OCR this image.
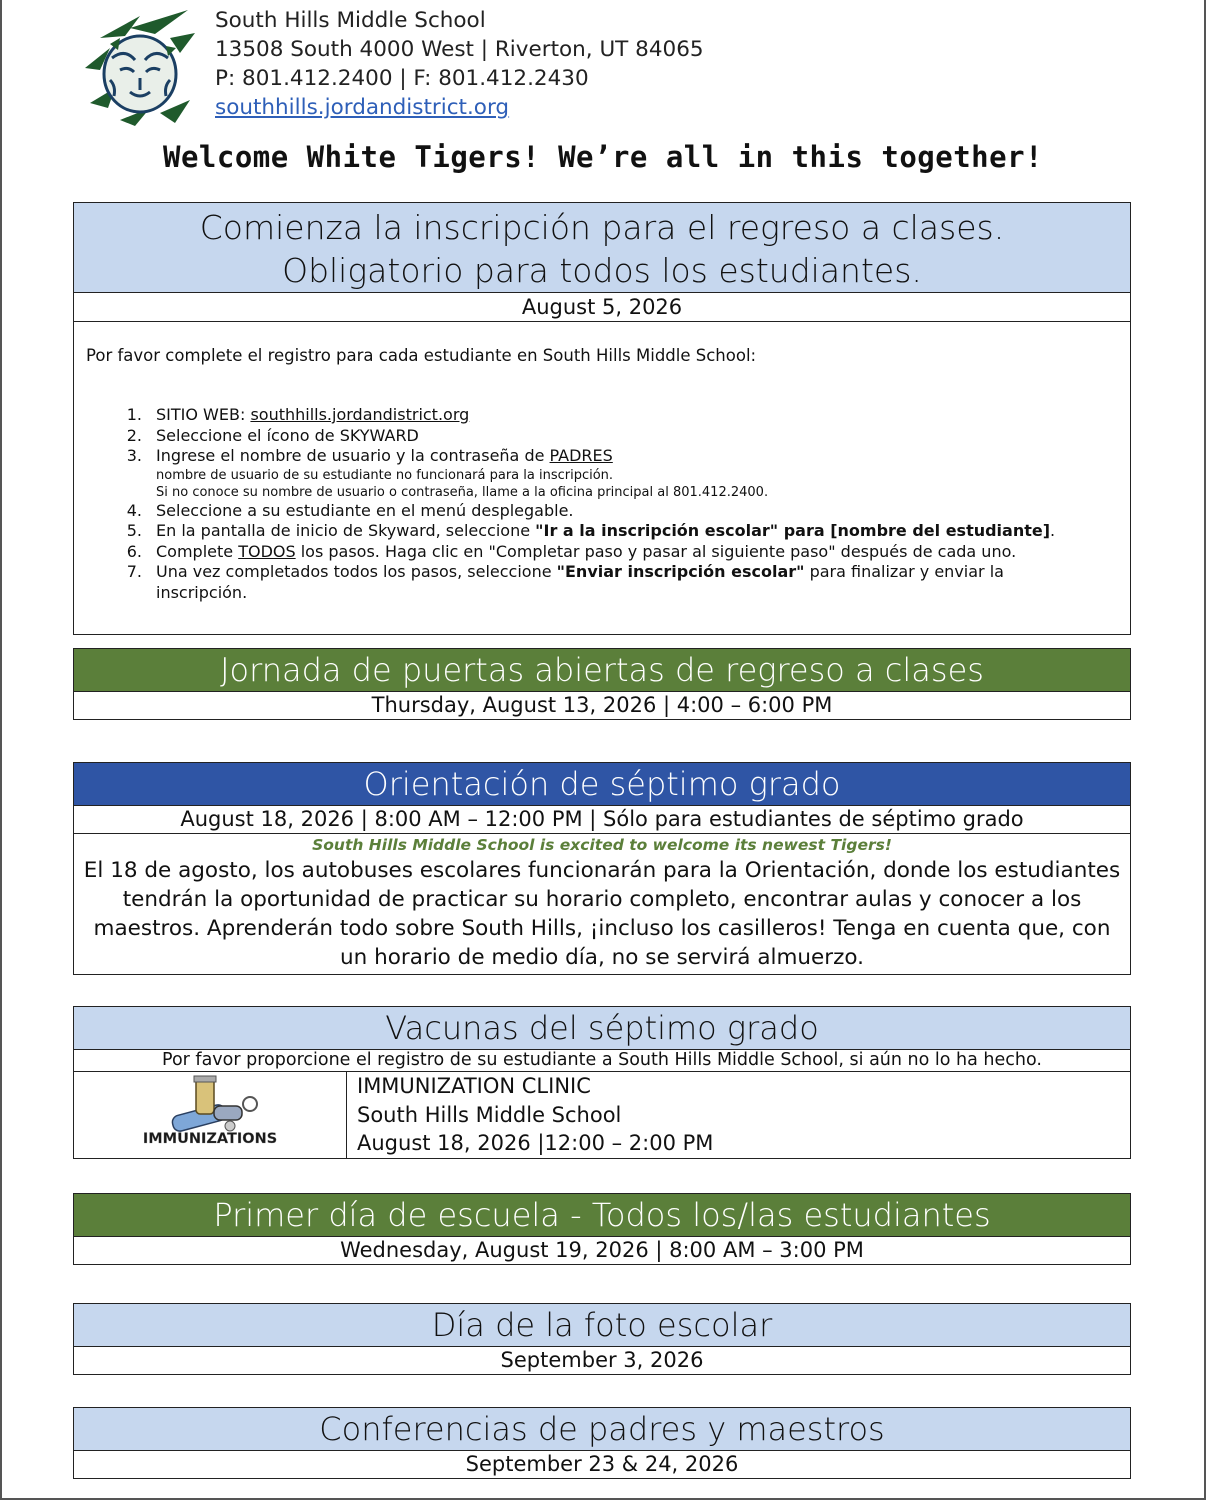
South Hills Middle School
13508 South 4000 West | Riverton, UT 84065
P: 801.412.2400 | F: 801.412.2430
southhills.jordandistrict.org
Welcome White Tigers! We’re all in this together!
Comienza la inscripción para el regreso a clases.
Obligatorio para todos los estudiantes.
August 5, 2026
Por favor complete el registro para cada estudiante en South Hills Middle School:
1. SITIO WEB: southhills.jordandistrict.org
2. Seleccione el ícono de SKYWARD
3. Ingrese el nombre de usuario y la contraseña de PADRES
nombre de usuario de su estudiante no funcionará para la inscripción.
Si no conoce su nombre de usuario o contraseña, llame a la oficina principal al 801.412.2400.
4. Seleccione a su estudiante en el menú desplegable.
5. En la pantalla de inicio de Skyward, seleccione "Ir a la inscripción escolar" para [nombre del estudiante].
6. Complete TODOS los pasos. Haga clic en "Completar paso y pasar al siguiente paso" después de cada uno.
7. Una vez completados todos los pasos, seleccione "Enviar inscripción escolar" para finalizar y enviar la
inscripción.
Jornada de puertas abiertas de regreso a clases
Thursday, August 13, 2026 | 4:00 – 6:00 PM
Orientación de séptimo grado
August 18, 2026 | 8:00 AM – 12:00 PM | Sólo para estudiantes de séptimo grado
South Hills Middle School is excited to welcome its newest Tigers!
El 18 de agosto, los autobuses escolares funcionarán para la Orientación, donde los estudiantes tendrán la oportunidad de practicar su horario completo, encontrar aulas y conocer a los maestros. Aprenderán todo sobre South Hills, ¡incluso los casilleros! Tenga en cuenta que, con un horario de medio día, no se servirá almuerzo.
Vacunas del séptimo grado
Por favor proporcione el registro de su estudiante a South Hills Middle School, si aún no lo ha hecho.
IMMUNIZATIONS
IMMUNIZATION CLINIC
South Hills Middle School
August 18, 2026 |12:00 – 2:00 PM
Primer día de escuela - Todos los/las estudiantes
Wednesday, August 19, 2026 | 8:00 AM – 3:00 PM
Día de la foto escolar
September 3, 2026
Conferencias de padres y maestros
September 23 & 24, 2026
